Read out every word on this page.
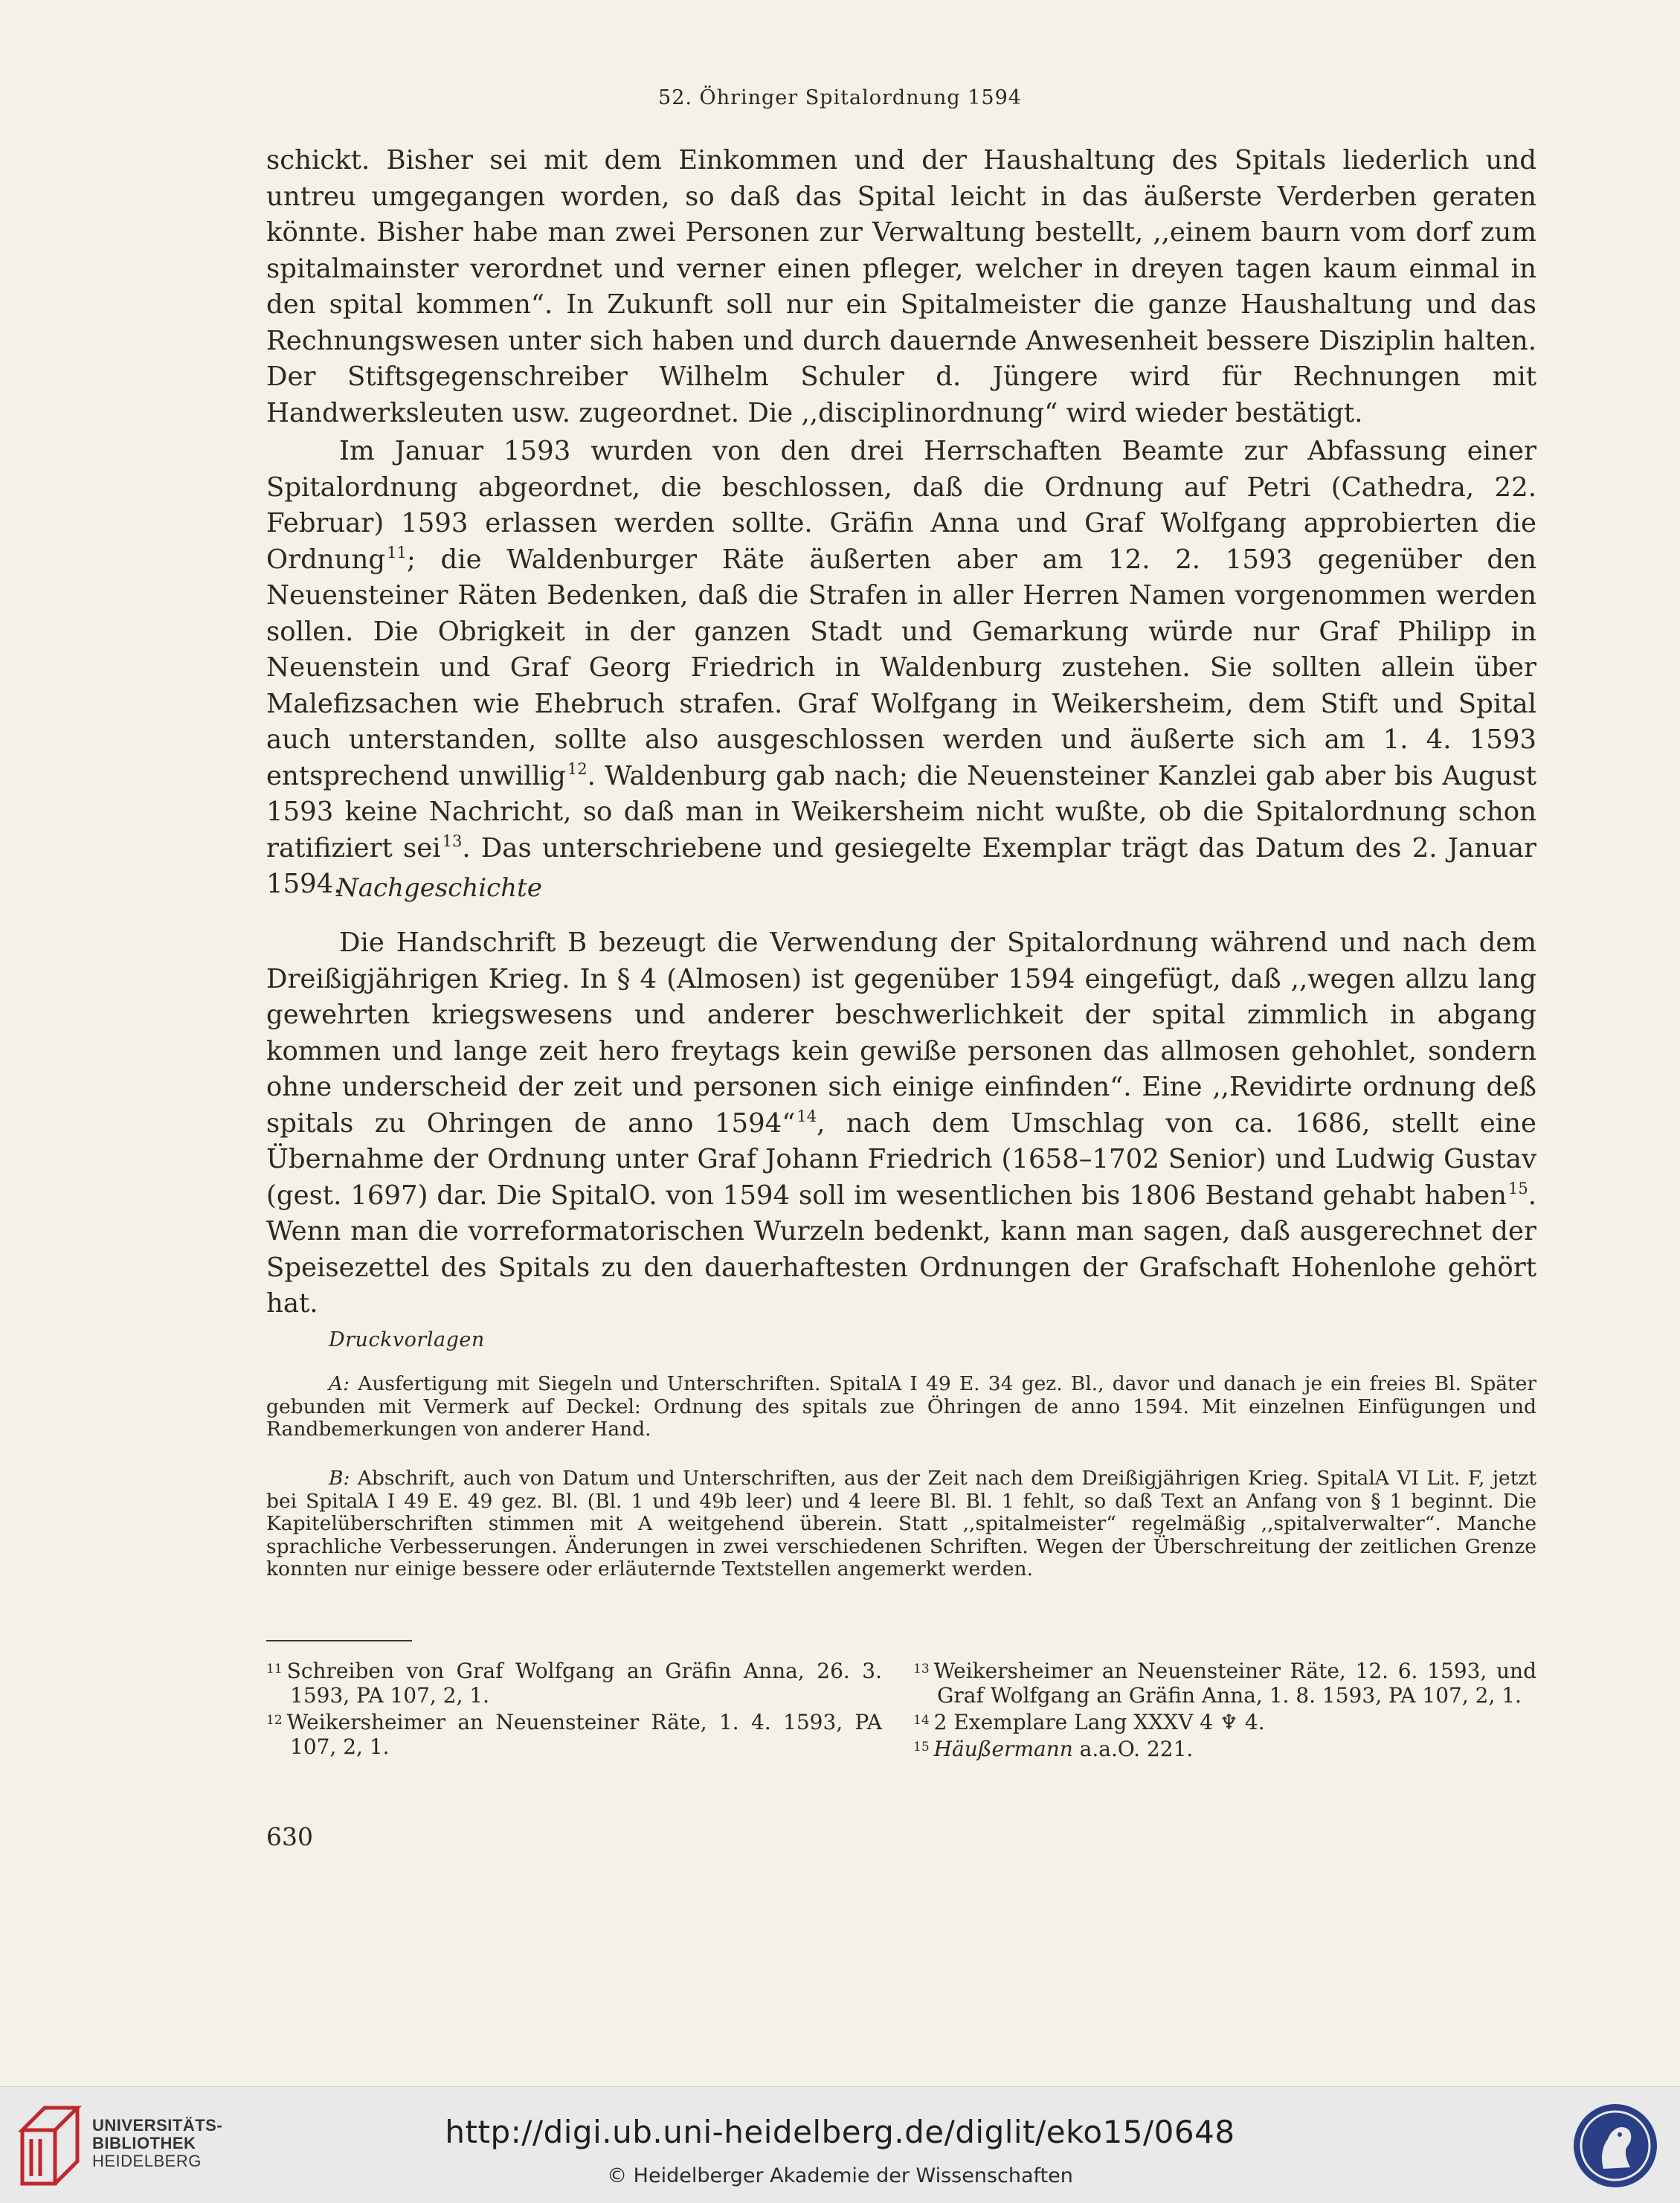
52. Öhringer Spitalordnung 1594

schickt. Bisher sei mit dem Einkommen und der Haushaltung des Spitals liederlich und untreu umgegangen worden, so daß das Spital leicht in das äußerste Verderben geraten könnte. Bisher habe man zwei Personen zur Verwaltung bestellt, ,,einem baurn vom dorf zum spitalmainster verordnet und verner einen pfleger, welcher in dreyen tagen kaum einmal in den spital kommen“. In Zukunft soll nur ein Spitalmeister die ganze Haushaltung und das Rechnungswesen unter sich haben und durch dauernde Anwesenheit bessere Disziplin halten. Der Stiftsgegenschreiber Wilhelm Schuler d. Jüngere wird für Rechnungen mit Handwerksleuten usw. zugeordnet. Die ,,disciplinordnung“ wird wieder bestätigt.

Im Januar 1593 wurden von den drei Herrschaften Beamte zur Abfassung einer Spitalordnung abgeordnet, die beschlossen, daß die Ordnung auf Petri (Cathedra, 22. Februar) 1593 erlassen werden sollte. Gräfin Anna und Graf Wolfgang approbierten die Ordnung$^{11}$; die Waldenburger Räte äußerten aber am 12. 2. 1593 gegenüber den Neuensteiner Räten Bedenken, daß die Strafen in aller Herren Namen vorgenommen werden sollen. Die Obrigkeit in der ganzen Stadt und Gemarkung würde nur Graf Philipp in Neuenstein und Graf Georg Friedrich in Waldenburg zustehen. Sie sollten allein über Malefizsachen wie Ehebruch strafen. Graf Wolfgang in Weikersheim, dem Stift und Spital auch unterstanden, sollte also ausgeschlossen werden und äußerte sich am 1. 4. 1593 entsprechend unwillig$^{12}$. Waldenburg gab nach; die Neuensteiner Kanzlei gab aber bis August 1593 keine Nachricht, so daß man in Weikersheim nicht wußte, ob die Spitalordnung schon ratifiziert sei$^{13}$. Das unterschriebene und gesiegelte Exemplar trägt das Datum des 2. Januar 1594.

Nachgeschichte

Die Handschrift B bezeugt die Verwendung der Spitalordnung während und nach dem Dreißigjährigen Krieg. In § 4 (Almosen) ist gegenüber 1594 eingefügt, daß ,,wegen allzu lang gewehrten kriegswesens und anderer beschwerlichkeit der spital zimmlich in abgang kommen und lange zeit hero freytags kein gewiße personen das allmosen gehohlet, sondern ohne underscheid der zeit und personen sich einige einfinden“. Eine ,,Revidirte ordnung deß spitals zu Ohringen de anno 1594“$^{14}$, nach dem Umschlag von ca. 1686, stellt eine Übernahme der Ordnung unter Graf Johann Friedrich (1658–1702 Senior) und Ludwig Gustav (gest. 1697) dar. Die SpitalO. von 1594 soll im wesentlichen bis 1806 Bestand gehabt haben$^{15}$. Wenn man die vorreformatorischen Wurzeln bedenkt, kann man sagen, daß ausgerechnet der Speisezettel des Spitals zu den dauerhaftesten Ordnungen der Grafschaft Hohenlohe gehört hat.

Druckvorlagen
A: Ausfertigung mit Siegeln und Unterschriften. SpitalA I 49 E. 34 gez. Bl., davor und danach je ein freies Bl. Später gebunden mit Vermerk auf Deckel: Ordnung des spitals zue Öhringen de anno 1594. Mit einzelnen Einfügungen und Randbemerkungen von anderer Hand.
B: Abschrift, auch von Datum und Unterschriften, aus der Zeit nach dem Dreißigjährigen Krieg. SpitalA VI Lit. F, jetzt bei SpitalA I 49 E. 49 gez. Bl. (Bl. 1 und 49b leer) und 4 leere Bl. Bl. 1 fehlt, so daß Text an Anfang von § 1 beginnt. Die Kapitelüberschriften stimmen mit A weitgehend überein. Statt ,,spitalmeister“ regelmäßig ,,spitalverwalter“. Manche sprachliche Verbesserungen. Änderungen in zwei verschiedenen Schriften. Wegen der Überschreitung der zeitlichen Grenze konnten nur einige bessere oder erläuternde Textstellen angemerkt werden.

$^{11}$ Schreiben von Graf Wolfgang an Gräfin Anna, 26. 3. 1593, PA 107, 2, 1.

$^{12}$ Weikersheimer an Neuensteiner Räte, 1. 4. 1593, PA 107, 2, 1.

$^{13}$ Weikersheimer an Neuensteiner Räte, 12. 6. 1593, und Graf Wolfgang an Gräfin Anna, 1. 8. 1593, PA 107, 2, 1.

$^{14}$ 2 Exemplare Lang XXXV 4 ♆ 4.

$^{15}$ Häußermann a.a.O. 221.

630
UNIVERSITÄTS-
BIBLIOTHEK
HEIDELBERG
http://digi.ub.uni-heidelberg.de/diglit/eko15/0648
© Heidelberger Akademie der Wissenschaften
